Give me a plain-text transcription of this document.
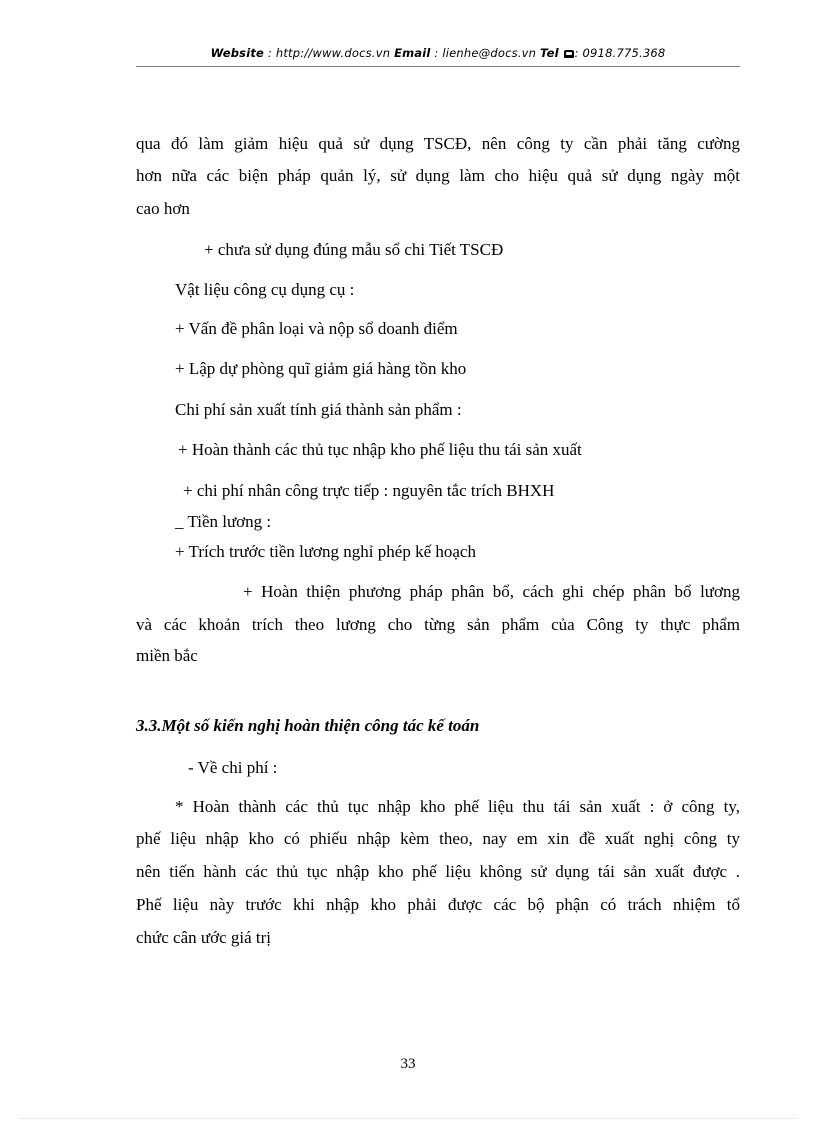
Website : http://www.docs.vn Email : lienhe@docs.vn Tel : 0918.775.368
qua đó làm giảm hiệu quả sử dụng TSCĐ, nên công ty cần phải tăng cường
hơn nữa các biện pháp quản lý, sử dụng làm cho hiệu quả sử dụng ngày một
cao hơn
+ chưa sử dụng đúng mẫu sổ chi Tiết TSCĐ
Vật liệu công cụ dụng cụ :
+ Vấn đề phân loại và nộp sổ doanh điểm
+ Lập dự phòng quĩ giảm giá hàng tồn kho
Chi phí sản xuất tính giá thành sản phẩm :
+ Hoàn thành các thủ tục nhập kho phế liệu thu tái sản xuất
+ chi phí nhân công trực tiếp : nguyên tắc trích BHXH
_ Tiền lương :
+ Trích trước tiền lương nghỉ phép kế hoạch
+ Hoàn thiện phương pháp phân bổ, cách ghi chép phân bổ lương
và các khoản trích theo lương cho từng sản phẩm của Công ty thực phẩm
miền bắc
3.3.Một số kiến nghị hoàn thiện công tác kế toán
- Về chi phí :
* Hoàn thành các thủ tục nhập kho phế liệu thu tái sản xuất : ở công ty,
phế liệu nhập kho có phiếu nhập kèm theo, nay em xin đề xuất nghị công ty
nên tiến hành các thủ tục nhập kho phế liệu không sử dụng tái sản xuất được .
Phế liệu này trước khi nhập kho phải được các bộ phận có trách nhiệm tổ
chức cân ước giá trị
33
